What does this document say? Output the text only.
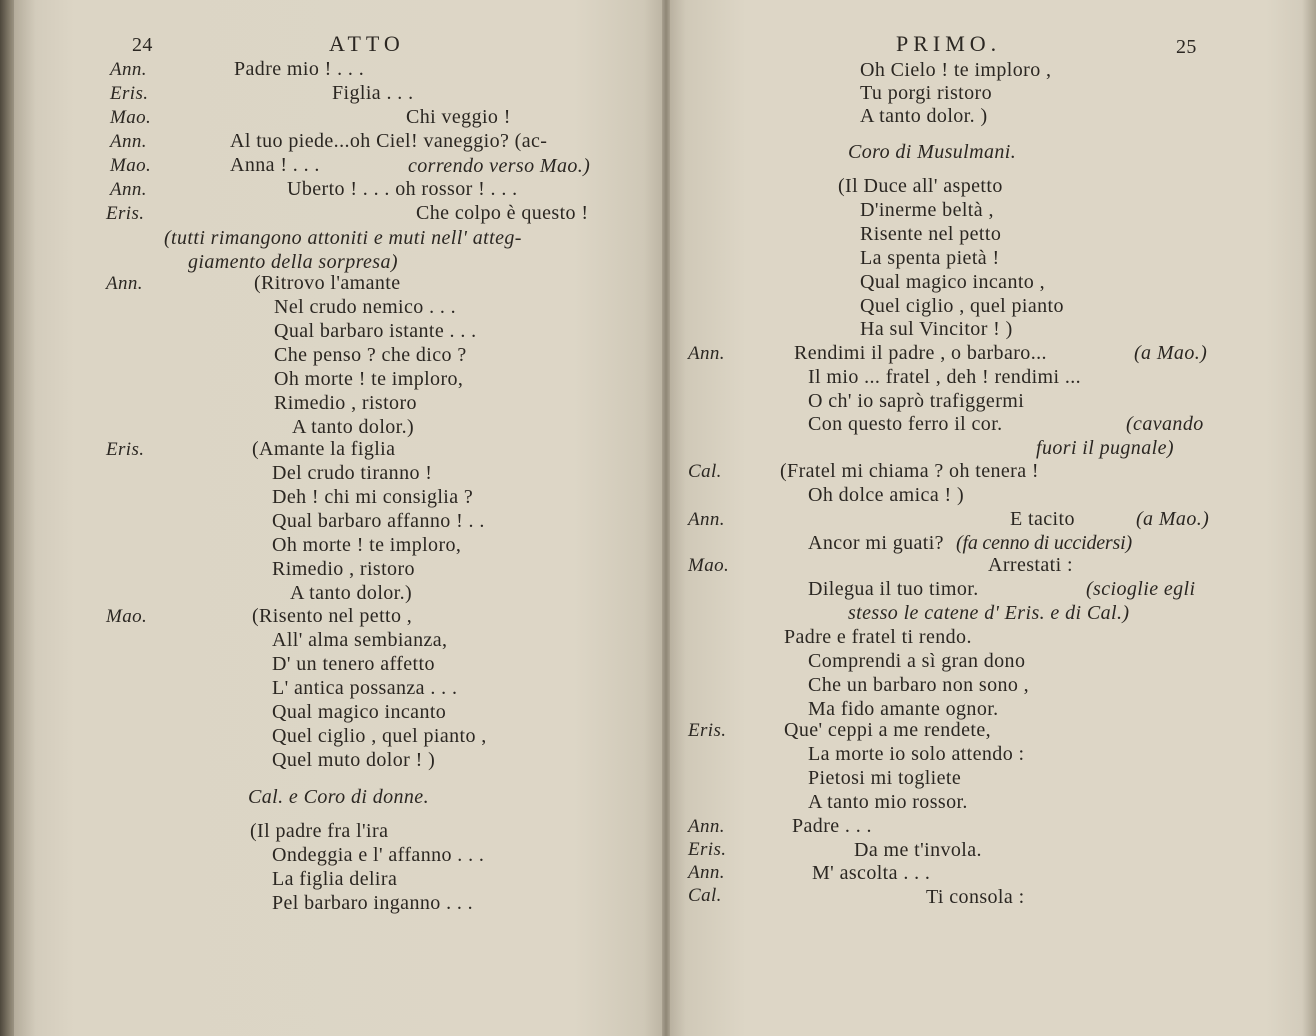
24	ATTO
Ann.	Padre mio ! . . .
Eris.	Figlia . . .
Mao.	Chi veggio !
Ann.	Al tuo piede...oh Ciel! vaneggio? (ac-
Mao.	Anna ! . . .	correndo verso Mao.)
Ann.	Uberto ! . . . oh rossor ! . . .
Eris.	Che colpo è questo !
(tutti rimangono attoniti e muti nell' atteg-
giamento della sorpresa)
Ann.	(Ritrovo l'amante
Nel crudo nemico . . .
Qual barbaro istante . . .
Che penso ? che dico ?
Oh morte ! te imploro,
Rimedio , ristoro
A tanto dolor.)
Eris.	(Amante la figlia
Del crudo tiranno !
Deh ! chi mi consiglia ?
Qual barbaro affanno ! . .
Oh morte ! te imploro,
Rimedio , ristoro
A tanto dolor.)
Mao.	(Risento nel petto ,
All' alma sembianza,
D' un tenero affetto
L' antica possanza . . .
Qual magico incanto
Quel ciglio , quel pianto ,
Quel muto dolor ! )
Cal. e Coro di donne.
(Il padre fra l'ira
Ondeggia e l' affanno . . .
La figlia delira
Pel barbaro inganno . . .
PRIMO.	25
Oh Cielo ! te imploro ,
Tu porgi ristoro
A tanto dolor. )
Coro di Musulmani.
(Il Duce all' aspetto
D'inerme beltà ,
Risente nel petto
La spenta pietà !
Qual magico incanto ,
Quel ciglio , quel pianto
Ha sul Vincitor ! )
Ann.	Rendimi il padre , o barbaro...	(a Mao.)
Il mio ... fratel , deh ! rendimi ...
O ch' io saprò trafiggermi
Con questo ferro il cor.	(cavando
fuori il pugnale)
Cal.	(Fratel mi chiama ? oh tenera !
Oh dolce amica ! )
Ann.	E tacito	(a Mao.)
Ancor mi guati? (fa cenno di uccidersi)
Mao.	Arrestati :
Dilegua il tuo timor.	(scioglie egli
stesso le catene d' Eris. e di Cal.)
Padre e fratel ti rendo.
Comprendi a sì gran dono
Che un barbaro non sono ,
Ma fido amante ognor.
Eris.	Que' ceppi a me rendete,
La morte io solo attendo :
Pietosi mi togliete
A tanto mio rossor.
Ann.	Padre . . .
Eris.	Da me t'invola.
Ann.	M' ascolta . . .
Cal.	Ti consola :
